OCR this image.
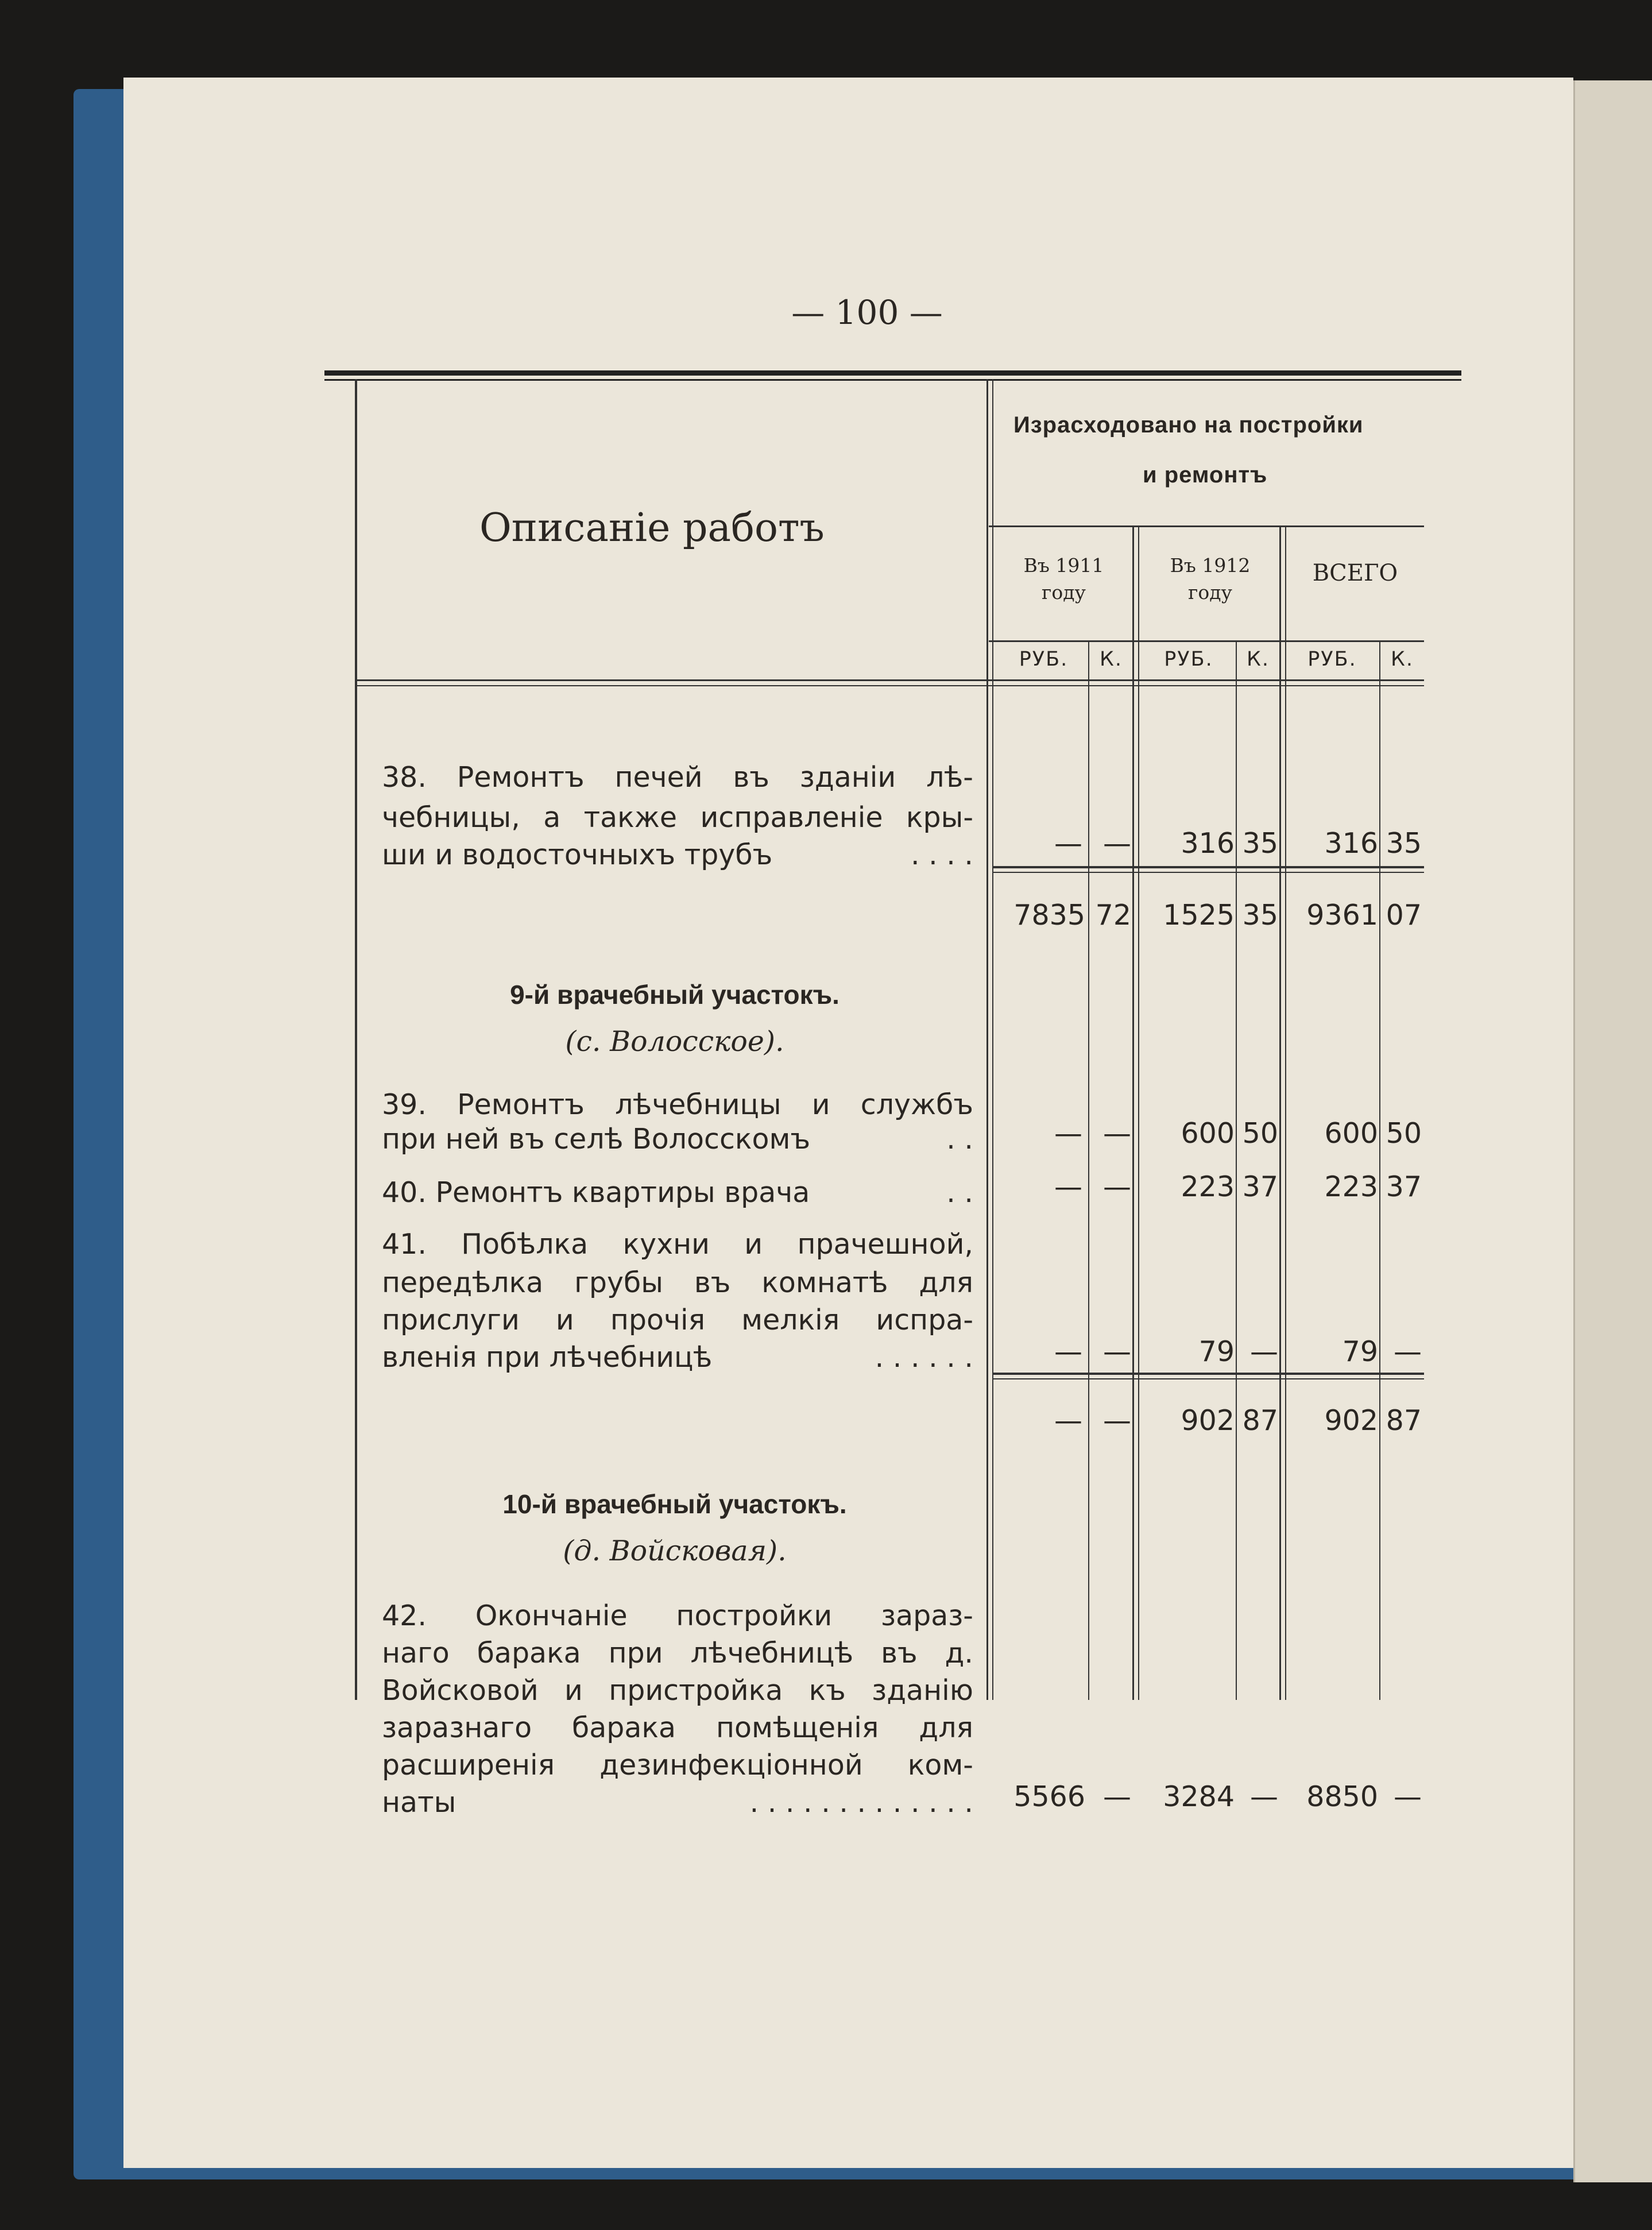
— 100 —
Описаніе работъ
Израсходовано на постройки
и ремонтъ
Въ 1911
году
Въ 1912
году
ВСЕГО
РУБ.	К.	РУБ.	К.	РУБ.	К.
38. Ремонтъ печей въ зданіи лѣ-
чебницы, а также исправленіе кры-
ши и водосточныхъ трубъ	. . . .	— —	316 35	316 35
7835 72	1525 35	9361 07
9-й врачебный участокъ.
(с. Волосское).
39. Ремонтъ лѣчебницы и службъ
при ней въ селѣ Волосскомъ	. .	— —	600 50	600 50
40. Ремонтъ квартиры врача	. .	— —	223 37	223 37
41. Побѣлка кухни и прачешной,
передѣлка грубы въ комнатѣ для
прислуги и прочія мелкія испра-
вленія при лѣчебницѣ	. . . . . .	— —	79 —	79 —
— —	902 87	902 87
10-й врачебный участокъ.
(д. Войсковая).
42. Окончаніе постройки зараз-
наго барака при лѣчебницѣ въ д.
Войсковой и пристройка къ зданію
заразнаго барака помѣщенія для
расширенія дезинфекціонной ком-
наты	. . . . . . . . . . . . .	5566 —	3284 —	8850 —
